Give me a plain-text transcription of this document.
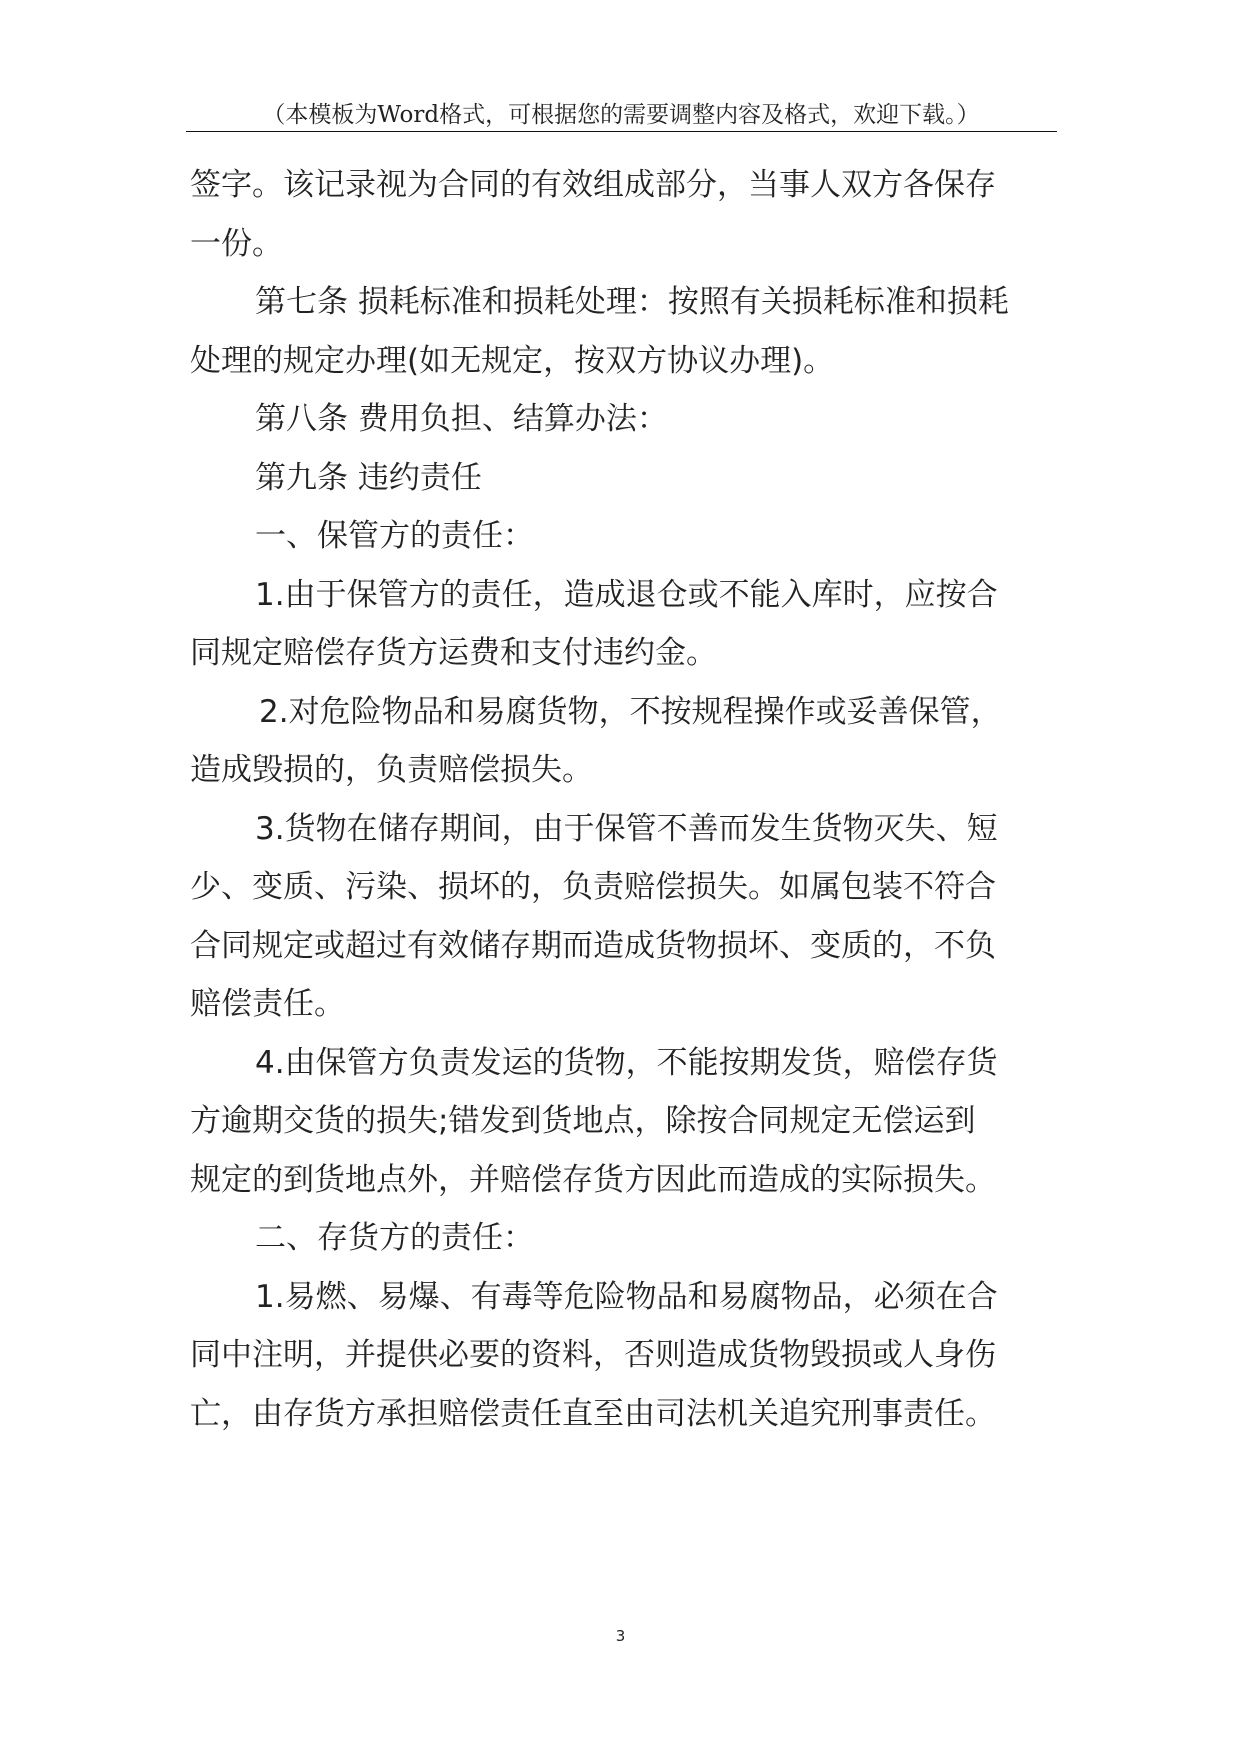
（本模板为Word格式，可根据您的需要调整内容及格式，欢迎下载。）
签字。该记录视为合同的有效组成部分，当事人双方各保存
一份。
第七条 损耗标准和损耗处理：按照有关损耗标准和损耗
处理的规定办理(如无规定，按双方协议办理)。
第八条 费用负担、结算办法：
第九条 违约责任
一、保管方的责任：
1.由于保管方的责任，造成退仓或不能入库时，应按合
同规定赔偿存货方运费和支付违约金。
2.对危险物品和易腐货物，不按规程操作或妥善保管，
造成毁损的，负责赔偿损失。
3.货物在储存期间，由于保管不善而发生货物灭失、短
少、变质、污染、损坏的，负责赔偿损失。如属包装不符合
合同规定或超过有效储存期而造成货物损坏、变质的，不负
赔偿责任。
4.由保管方负责发运的货物，不能按期发货，赔偿存货
方逾期交货的损失;错发到货地点，除按合同规定无偿运到
规定的到货地点外，并赔偿存货方因此而造成的实际损失。
二、存货方的责任：
1.易燃、易爆、有毒等危险物品和易腐物品，必须在合
同中注明，并提供必要的资料，否则造成货物毁损或人身伤
亡，由存货方承担赔偿责任直至由司法机关追究刑事责任。
3
